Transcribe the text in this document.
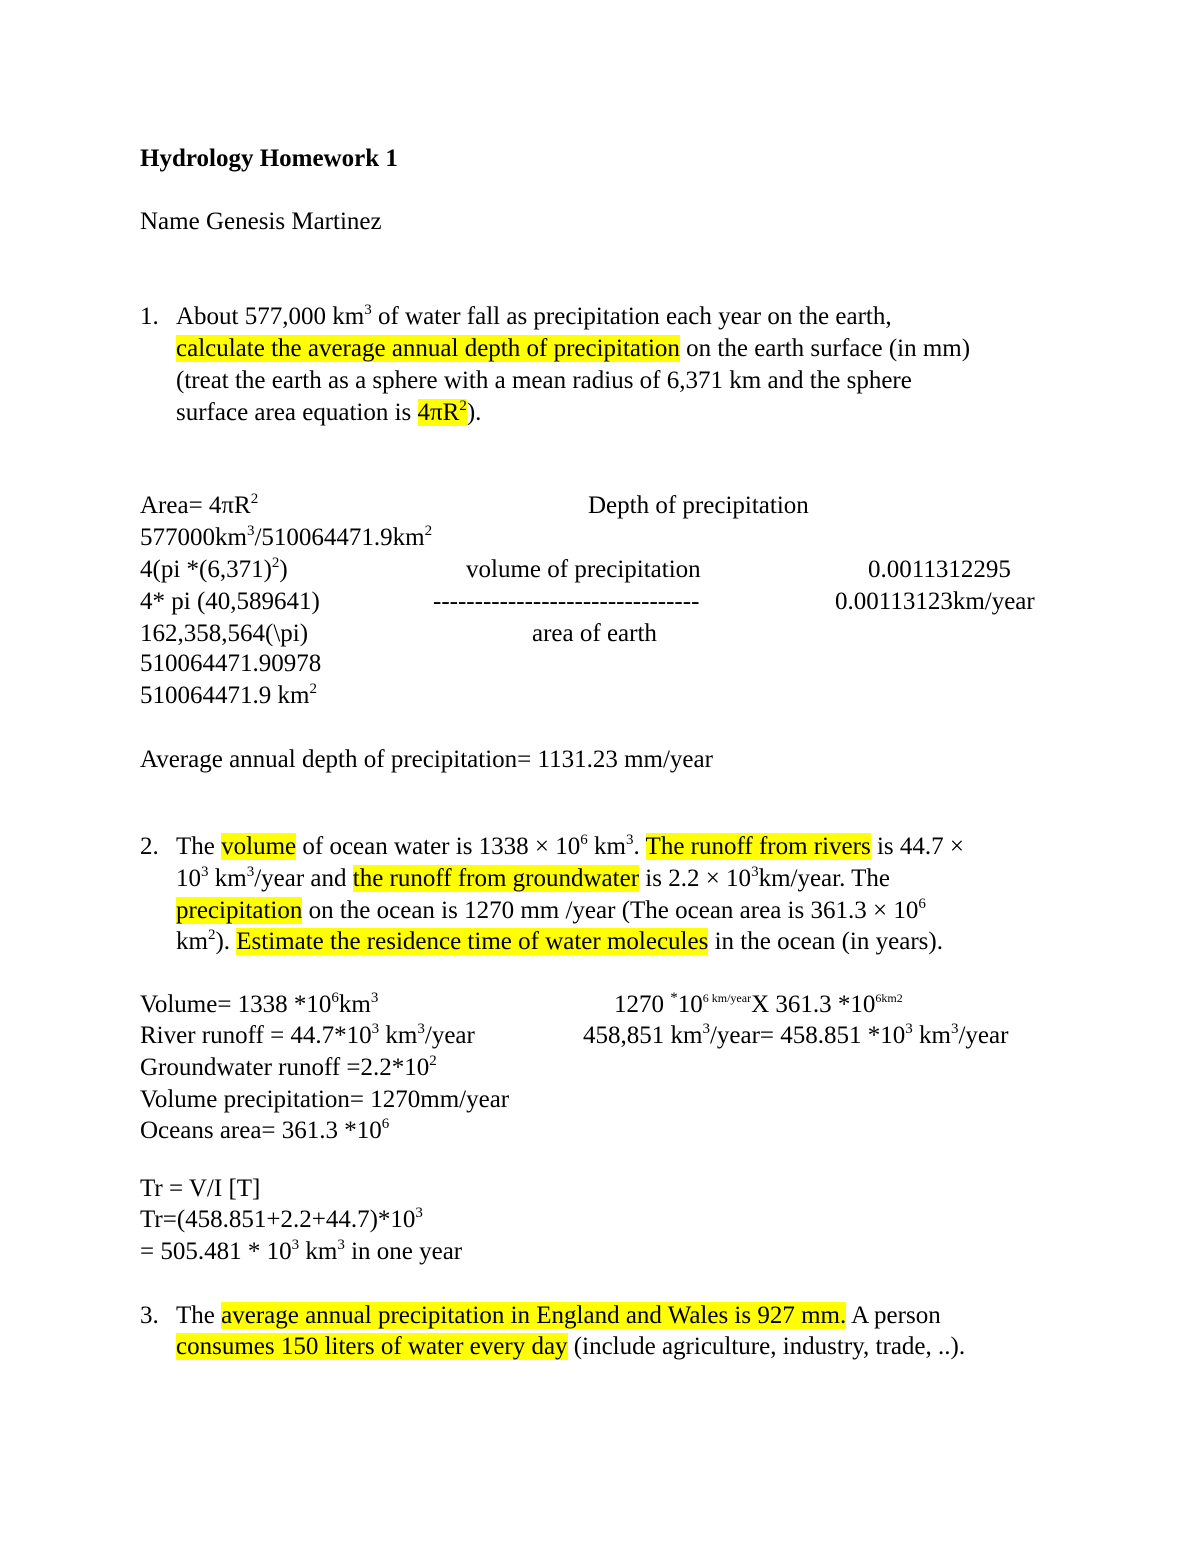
Hydrology Homework 1
Name Genesis Martinez
1. About 577,000 $km^3$ of water fall as precipitation each year on the earth,
calculate the average annual depth of precipitation on the earth surface (in mm)
(treat the earth as a sphere with a mean radius of 6,371 km and the sphere
surface area equation is $4\pi R^2$).
Area= $4\pi R^2$	Depth of precipitation
$577000km^3/510064471.9km^2$
4(pi $*(6,371)^2$)	volume of precipitation	0.0011312295
4* pi (40,589641)	--------------------------------	0.00113123km/year
162,358,564(\pi)	area of earth
510064471.90978
510064471.9 $km^2$
Average annual depth of precipitation= 1131.23 mm/year
2. The volume of ocean water is $1338 \times 10^6$ $km^3$. The runoff from rivers is 44.7 ×
$10^3$ $km^3$/year and the runoff from groundwater is $2.2 \times 10^3km$/year. The
precipitation on the ocean is 1270 mm /year (The ocean area is $361.3 \times 10^6$
$km^2$). Estimate the residence time of water molecules in the ocean (in years).
Volume= 1338 $*10^6km^3$	1270 $^*10^{6 km/year}X$ 361.3 $*10^{6km2}$
River runoff = $44.7*10^3$ $km^3$/year	458,851 $km^3/year= 458.851$ $*10^3$ $km^3$/year
Groundwater runoff $=2.2*10^2$
Volume precipitation= 1270mm/year
Oceans area= 361.3 $*10^6$
Tr = V/I [T]
$Tr=(458.851+2.2+44.7)*10^3$
= $505.481 * 10^3$ $km^3$ in one year
3. The average annual precipitation in England and Wales is 927 mm. A person
consumes 150 liters of water every day (include agriculture, industry, trade, ..).
